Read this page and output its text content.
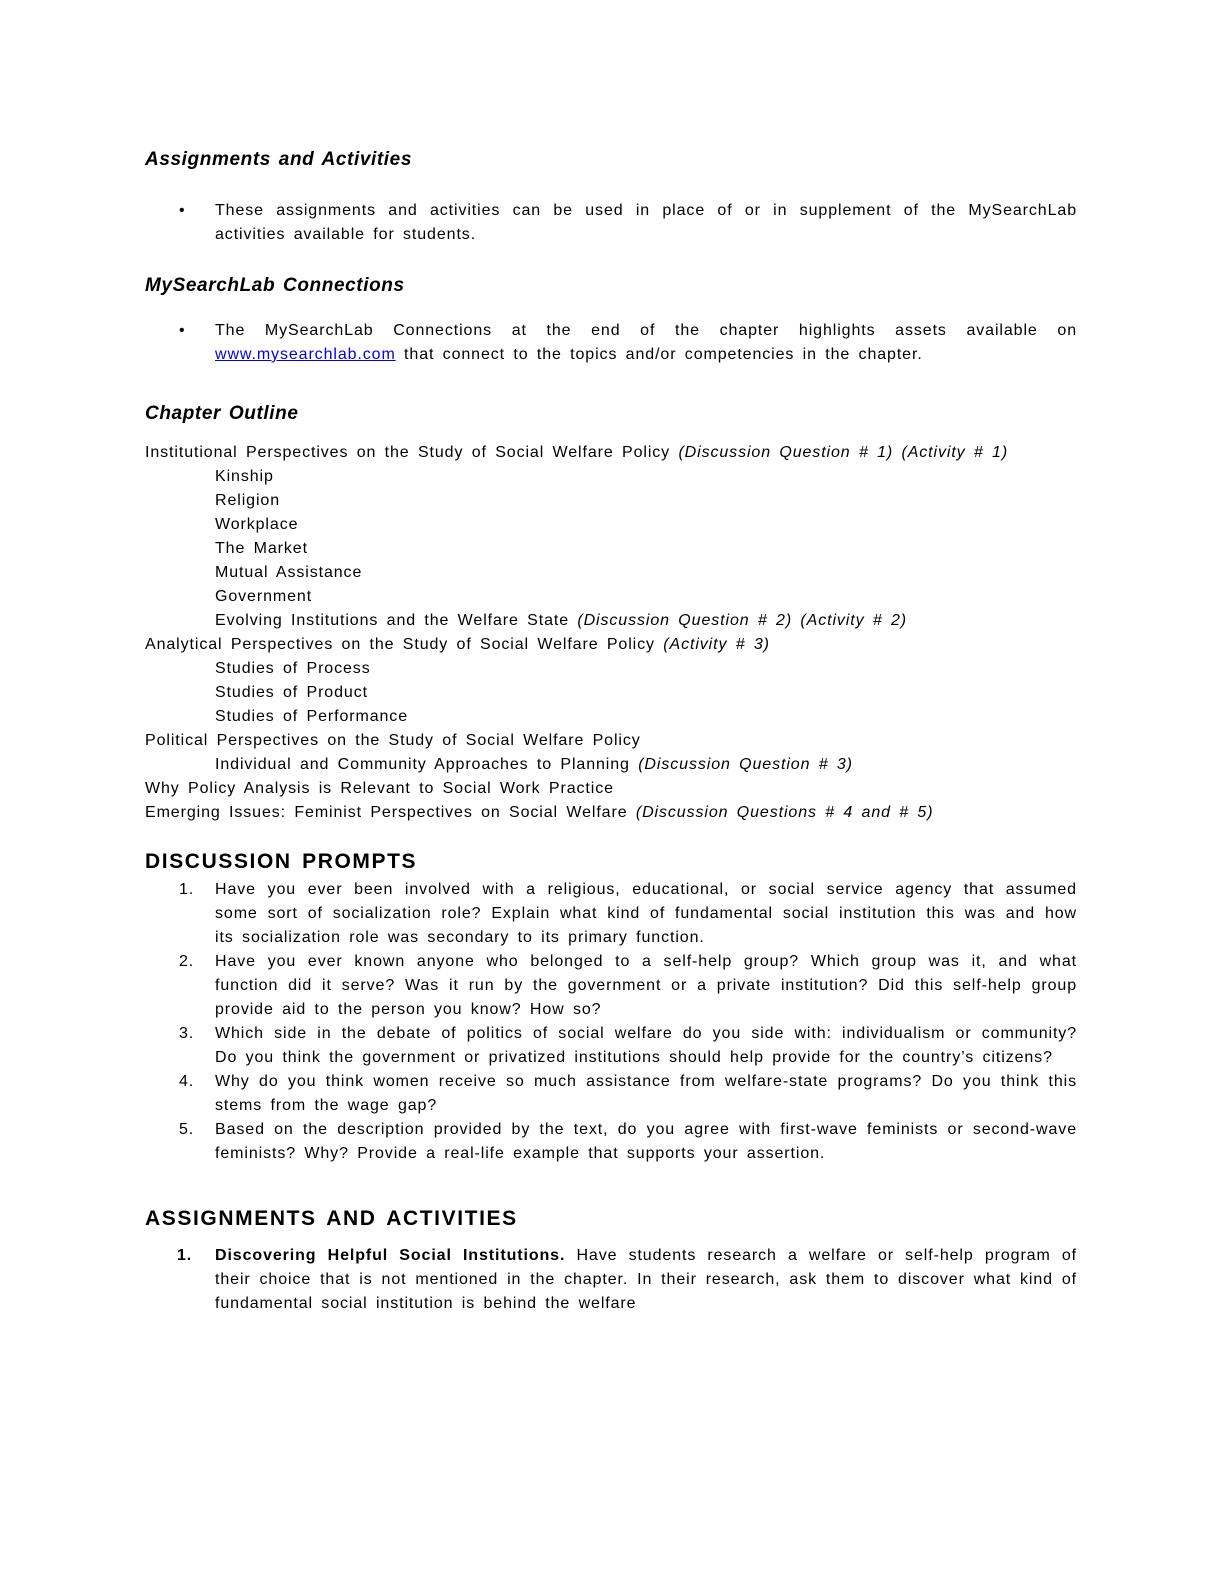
Assignments and Activities
•	These assignments and activities can be used in place of or in supplement of the MySearchLab activities available for students.
MySearchLab Connections
•	The MySearchLab Connections at the end of the chapter highlights assets available on www.mysearchlab.com that connect to the topics and/or competencies in the chapter.
Chapter Outline
Institutional Perspectives on the Study of Social Welfare Policy (Discussion Question # 1) (Activity # 1)
Kinship
Religion
Workplace
The Market
Mutual Assistance
Government
Evolving Institutions and the Welfare State (Discussion Question # 2) (Activity # 2)
Analytical Perspectives on the Study of Social Welfare Policy (Activity # 3)
Studies of Process
Studies of Product
Studies of Performance
Political Perspectives on the Study of Social Welfare Policy
Individual and Community Approaches to Planning (Discussion Question # 3)
Why Policy Analysis is Relevant to Social Work Practice
Emerging Issues: Feminist Perspectives on Social Welfare (Discussion Questions # 4 and # 5)
DISCUSSION PROMPTS
1.	Have you ever been involved with a religious, educational, or social service agency that assumed some sort of socialization role? Explain what kind of fundamental social institution this was and how its socialization role was secondary to its primary function.
2.	Have you ever known anyone who belonged to a self-help group? Which group was it, and what function did it serve? Was it run by the government or a private institution? Did this self-help group provide aid to the person you know? How so?
3.	Which side in the debate of politics of social welfare do you side with: individualism or community? Do you think the government or privatized institutions should help provide for the country’s citizens?
4.	Why do you think women receive so much assistance from welfare-state programs? Do you think this stems from the wage gap?
5.	Based on the description provided by the text, do you agree with first-wave feminists or second-wave feminists? Why? Provide a real-life example that supports your assertion.
ASSIGNMENTS AND ACTIVITIES
1.	Discovering Helpful Social Institutions. Have students research a welfare or self-help program of their choice that is not mentioned in the chapter. In their research, ask them to discover what kind of fundamental social institution is behind the welfare
